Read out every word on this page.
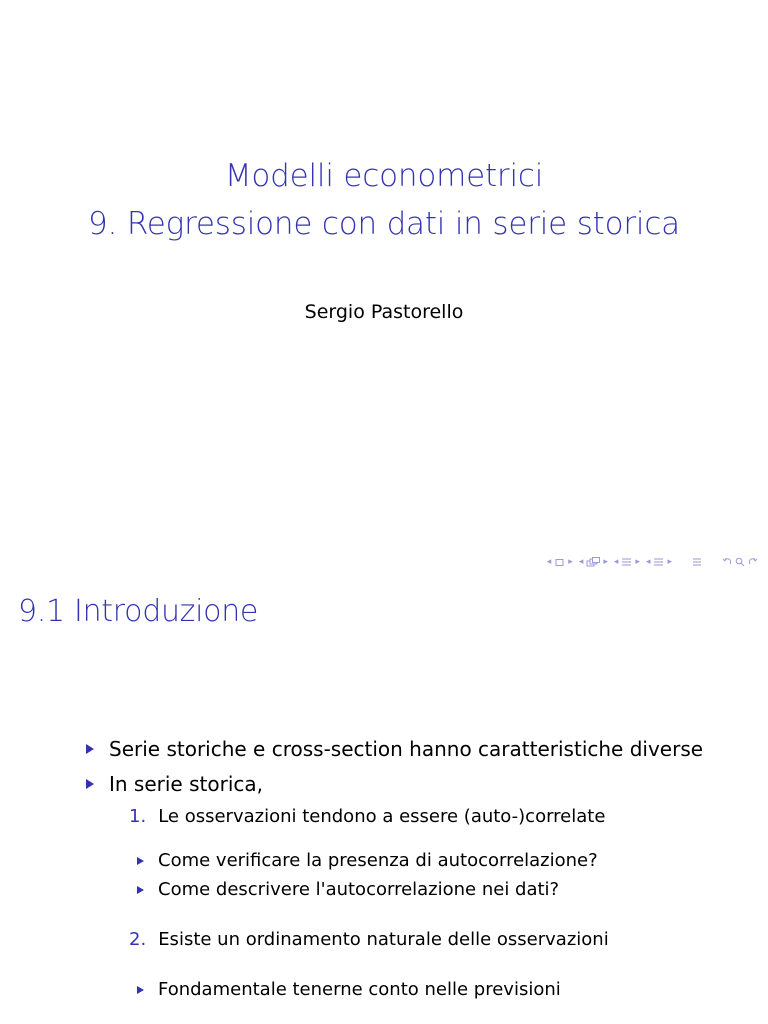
Modelli econometrici
9. Regressione con dati in serie storica
Sergio Pastorello
◂ ▸ ◂ ▸ ◂ ▸ ◂ ▸
9.1 Introduzione
Serie storiche e cross-section hanno caratteristiche diverse
In serie storica,
1. Le osservazioni tendono a essere (auto-)correlate
Come verificare la presenza di autocorrelazione?
Come descrivere l'autocorrelazione nei dati?
2. Esiste un ordinamento naturale delle osservazioni
Fondamentale tenerne conto nelle previsioni
